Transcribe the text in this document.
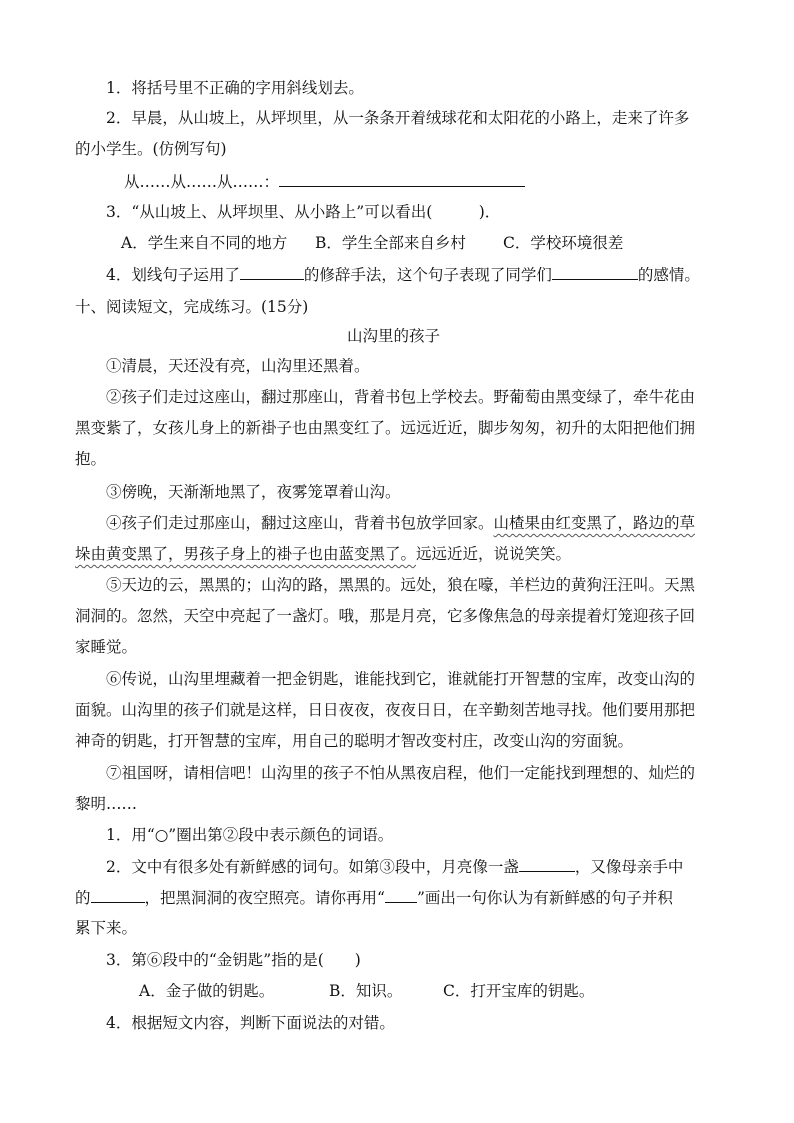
1．将括号里不正确的字用斜线划去。
2．早晨，从山坡上，从坪坝里，从一条条开着绒球花和太阳花的小路上，走来了许多
的小学生。(仿例写句)
从……从……从……：
3．“从山坡上、从坪坝里、从小路上”可以看出(　　　)．
A．学生来自不同的地方 B．学生全部来自乡村 C．学校环境很差
4．划线句子运用了	的修辞手法，这个句子表现了同学们	的感情。
十、阅读短文，完成练习。(15分)
山沟里的孩子
①清晨，天还没有亮，山沟里还黑着。
②孩子们走过这座山，翻过那座山，背着书包上学校去。野葡萄由黑变绿了，牵牛花由
黑变紫了，女孩儿身上的新褂子也由黑变红了。远远近近，脚步匆匆，初升的太阳把他们拥
抱。
③傍晚，天渐渐地黑了，夜雾笼罩着山沟。
④孩子们走过那座山，翻过这座山，背着书包放学回家。山楂果由红变黑了，路边的草
垛由黄变黑了，男孩子身上的褂子也由蓝变黑了。远远近近，说说笑笑。
⑤天边的云，黑黑的；山沟的路，黑黑的。远处，狼在嚎，羊栏边的黄狗汪汪叫。天黑
洞洞的。忽然，天空中亮起了一盏灯。哦，那是月亮，它多像焦急的母亲提着灯笼迎孩子回
家睡觉。
⑥传说，山沟里埋藏着一把金钥匙，谁能找到它，谁就能打开智慧的宝库，改变山沟的
面貌。山沟里的孩子们就是这样，日日夜夜，夜夜日日，在辛勤刻苦地寻找。他们要用那把
神奇的钥匙，打开智慧的宝库，用自己的聪明才智改变村庄，改变山沟的穷面貌。
⑦祖国呀，请相信吧！山沟里的孩子不怕从黑夜启程，他们一定能找到理想的、灿烂的
黎明……
1．用“○”圈出第②段中表示颜色的词语。
2．文中有很多处有新鲜感的词句。如第③段中，月亮像一盏	，又像母亲手中
的	，把黑洞洞的夜空照亮。请你再用“ ”画出一句你认为有新鲜感的句子并积
累下来。
3．第⑥段中的“金钥匙”指的是(　　)
A．金子做的钥匙。	B．知识。	C．打开宝库的钥匙。
4．根据短文内容，判断下面说法的对错。
